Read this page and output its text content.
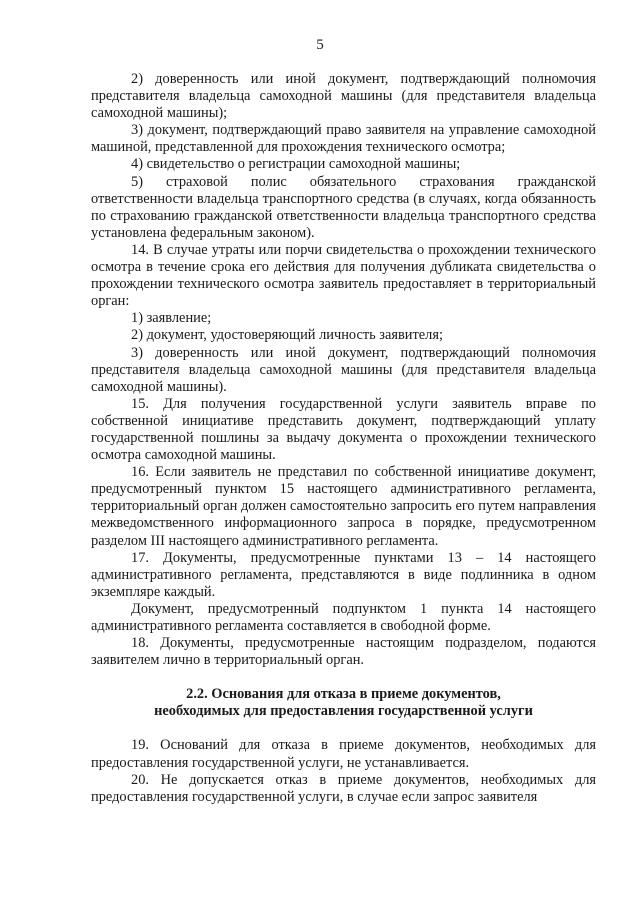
5

2) доверенность или иной документ, подтверждающий полномочия представителя владельца самоходной машины (для представителя владельца самоходной машины);

3) документ, подтверждающий право заявителя на управление самоходной машиной, представленной для прохождения технического осмотра;

4) свидетельство о регистрации самоходной машины;

5) страховой полис обязательного страхования гражданской ответственности владельца транспортного средства (в случаях, когда обязанность по страхованию гражданской ответственности владельца транспортного средства установлена федеральным законом).

14. В случае утраты или порчи свидетельства о прохождении технического осмотра в течение срока его действия для получения дубликата свидетельства о прохождении технического осмотра заявитель предоставляет в территориальный орган:

1) заявление;

2) документ, удостоверяющий личность заявителя;

3) доверенность или иной документ, подтверждающий полномочия представителя владельца самоходной машины (для представителя владельца самоходной машины).

15. Для получения государственной услуги заявитель вправе по собственной инициативе представить документ, подтверждающий уплату государственной пошлины за выдачу документа о прохождении технического осмотра самоходной машины.

16. Если заявитель не представил по собственной инициативе документ, предусмотренный пунктом 15 настоящего административного регламента, территориальный орган должен самостоятельно запросить его путем направления межведомственного информационного запроса в порядке, предусмотренном разделом III настоящего административного регламента.

17. Документы, предусмотренные пунктами 13 – 14 настоящего административного регламента, представляются в виде подлинника в одном экземпляре каждый.

Документ, предусмотренный подпунктом 1 пункта 14 настоящего административного регламента составляется в свободной форме.

18. Документы, предусмотренные настоящим подразделом, подаются заявителем лично в территориальный орган.

2.2. Основания для отказа в приеме документов,
необходимых для предоставления государственной услуги

19. Оснований для отказа в приеме документов, необходимых для предоставления государственной услуги, не устанавливается.

20. Не допускается отказ в приеме документов, необходимых для предоставления государственной услуги, в случае если запрос заявителя
